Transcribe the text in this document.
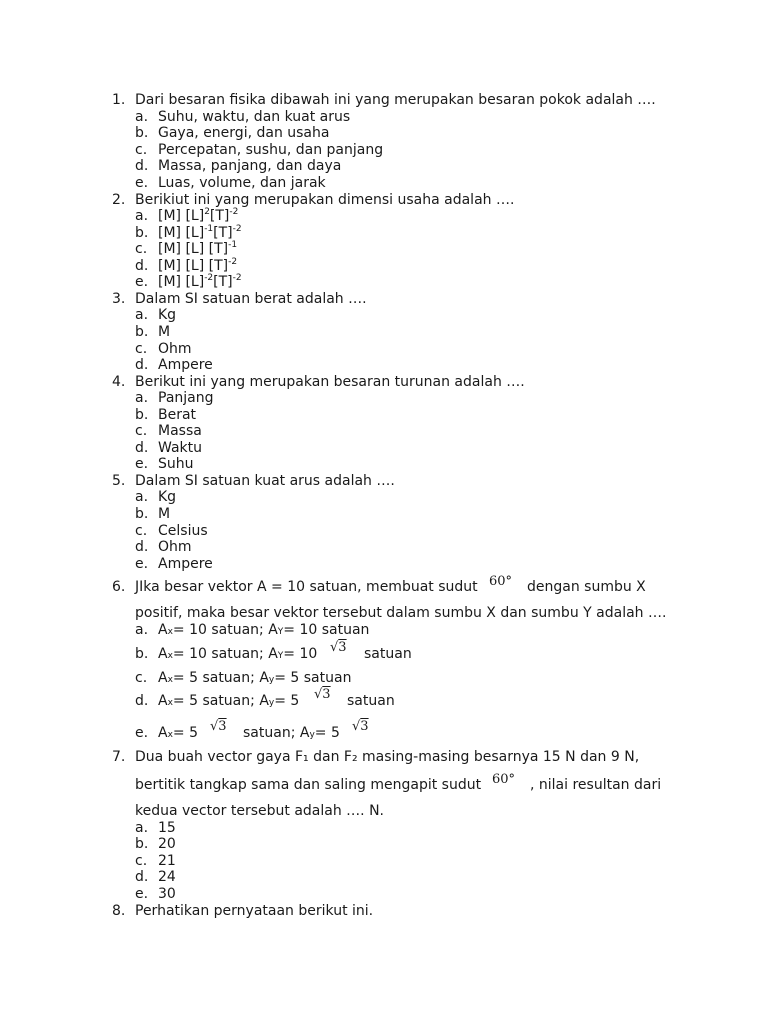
1. Dari besaran fisika dibawah ini yang merupakan besaran pokok adalah ….
a. Suhu, waktu, dan kuat arus
b. Gaya, energi, dan usaha
c. Percepatan, sushu, dan panjang
d. Massa, panjang, dan daya
e. Luas, volume, dan jarak
2. Berikiut ini yang merupakan dimensi usaha adalah ….
a. [M] $[L]^2[T]^{-2}$
b. [M] $[L]^{-1}[T]^{-2}$
c. [M] [L] $[T]^{-1}$
d. [M] [L] $[T]^{-2}$
e. [M] $[L]^{-2}[T]^{-2}$
3. Dalam SI satuan berat adalah ….
a. Kg
b. M
c. Ohm
d. Ampere
4. Berikut ini yang merupakan besaran turunan adalah ….
a. Panjang
b. Berat
c. Massa
d. Waktu
e. Suhu
5. Dalam SI satuan kuat arus adalah ….
a. Kg
b. M
c. Celsius
d. Ohm
e. Ampere
6. JIka besar vektor A = 10 satuan, membuat sudut 60° dengan sumbu X
positif, maka besar vektor tersebut dalam sumbu X dan sumbu Y adalah ….
a. Ax= 10 satuan; AY= 10 satuan
b. Ax= 10 satuan; AY= 10 √3 satuan
c. Ax= 5 satuan; Ay= 5 satuan
d. Ax= 5 satuan; Ay= 5 √3 satuan
e. Ax= 5 √3 satuan; Ay= 5 √3
7. Dua buah vector gaya F₁ dan F₂ masing-masing besarnya 15 N dan 9 N,
bertitik tangkap sama dan saling mengapit sudut 60° , nilai resultan dari
kedua vector tersebut adalah …. N.
a. 15
b. 20
c. 21
d. 24
e. 30
8. Perhatikan pernyataan berikut ini.
